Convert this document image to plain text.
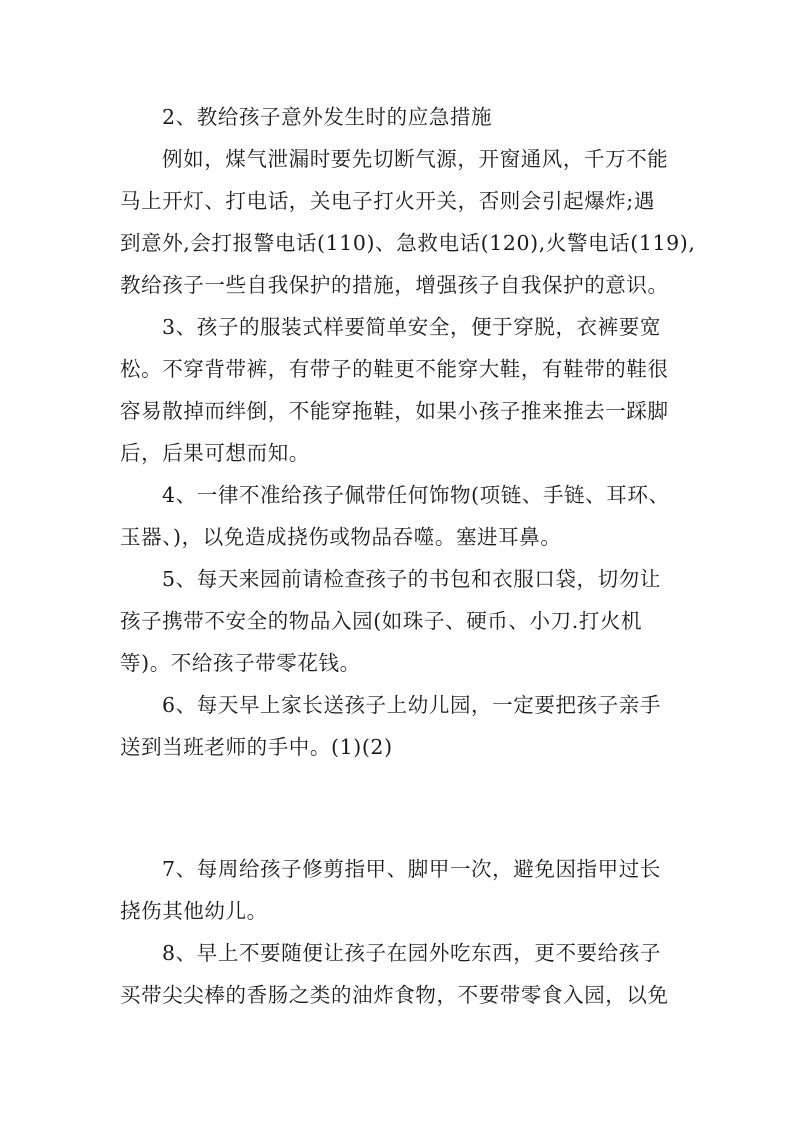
2、教给孩子意外发生时的应急措施

例如，煤气泄漏时要先切断气源，开窗通风，千万不能

马上开灯、打电话，关电子打火开关，否则会引起爆炸;遇

到意外,会打报警电话(110)、急救电话(120),火警电话(119),

教给孩子一些自我保护的措施，增强孩子自我保护的意识。

3、孩子的服装式样要简单安全，便于穿脱，衣裤要宽

松。不穿背带裤，有带子的鞋更不能穿大鞋，有鞋带的鞋很

容易散掉而绊倒，不能穿拖鞋，如果小孩子推来推去一踩脚

后，后果可想而知。

4、一律不准给孩子佩带任何饰物(项链、手链、耳环、

玉器、)，以免造成挠伤或物品吞噬。塞进耳鼻。

5、每天来园前请检查孩子的书包和衣服口袋，切勿让

孩子携带不安全的物品入园(如珠子、硬币、小刀.打火机

等)。不给孩子带零花钱。

6、每天早上家长送孩子上幼儿园，一定要把孩子亲手

送到当班老师的手中。(1)(2)

7、每周给孩子修剪指甲、脚甲一次，避免因指甲过长

挠伤其他幼儿。

8、早上不要随便让孩子在园外吃东西，更不要给孩子

买带尖尖棒的香肠之类的油炸食物，不要带零食入园，以免
